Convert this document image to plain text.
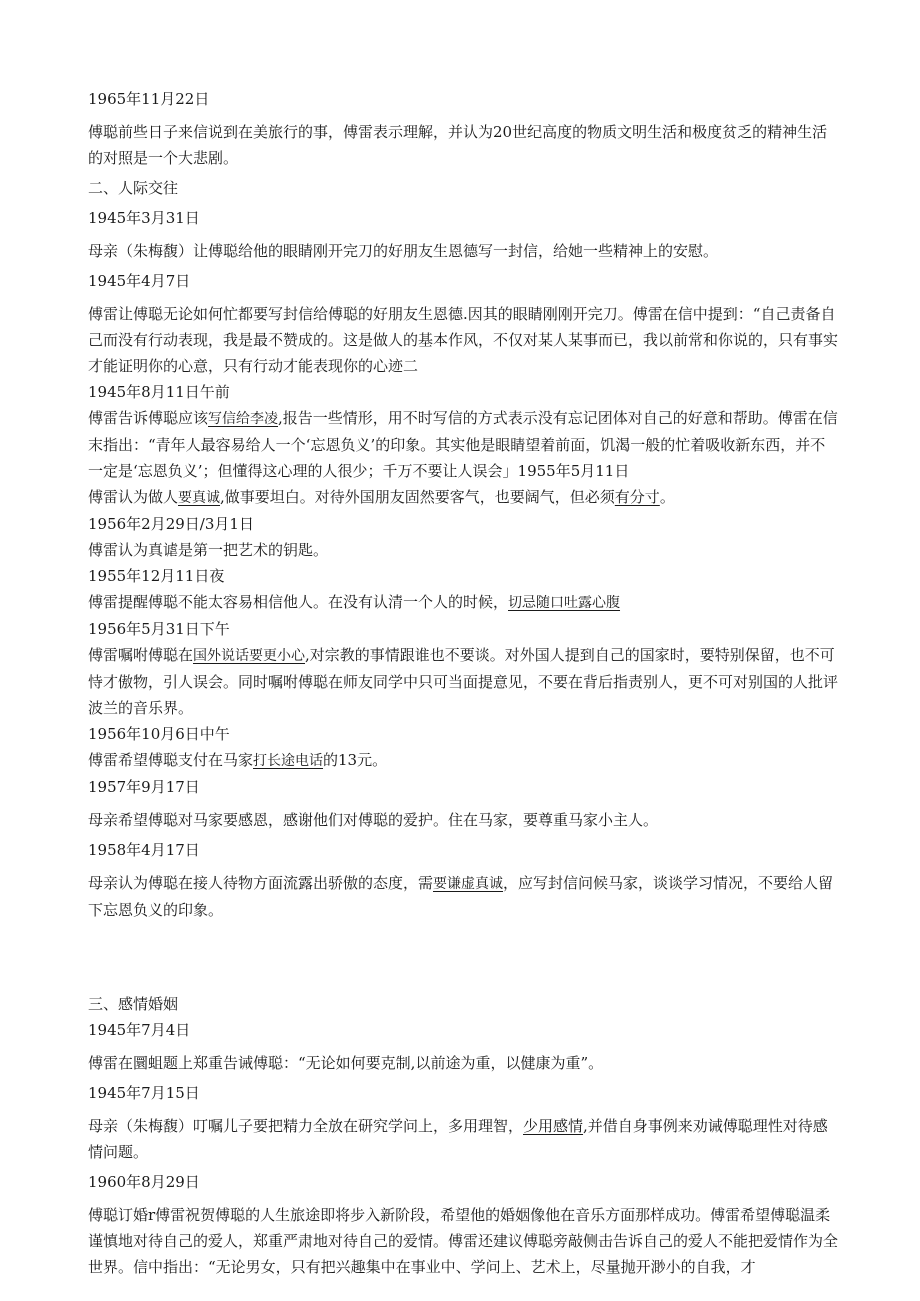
1965年11月22日

傅聪前些日子来信说到在美旅行的事，傅雷表示理解，并认为20世纪高度的物质文明生活和极度贫乏的精神生活的对照是一个大悲剧。

二、人际交往

1945年3月31日

母亲（朱梅馥）让傅聪给他的眼睛刚开完刀的好朋友生恩德写一封信，给她一些精神上的安慰。

1945年4月7日

傅雷让傅聪无论如何忙都要写封信给傅聪的好朋友生恩德.因其的眼睛刚刚开完刀。傅雷在信中提到：“自己责备自己而没有行动表现，我是最不赞成的。这是做人的基本作风，不仅对某人某事而已，我以前常和你说的，只有事实才能证明你的心意，只有行动才能表现你的心迹二

1945年8月11日午前

傅雷告诉傅聪应该写信给李凌,报告一些情形，用不时写信的方式表示没有忘记团体对自己的好意和帮助。傅雷在信末指出：“青年人最容易给人一个‘忘恩负义’的印象。其实他是眼睛望着前面，饥渴一般的忙着吸收新东西，并不一定是‘忘恩负义’；但懂得这心理的人很少；千万不要让人误会」1955年5月11日

傅雷认为做人要真诚,做事要坦白。对待外国朋友固然要客气，也要阔气，但必须有分寸。

1956年2月29日/3月1日

傅雷认为真谑是第一把艺术的钥匙。

1955年12月11日夜

傅雷提醒傅聪不能太容易相信他人。在没有认清一个人的时候，切忌随口吐露心腹

1956年5月31日下午

傅雷嘱咐傅聪在国外说话要更小心,对宗教的事情跟谁也不要谈。对外国人提到自己的国家时，要特别保留，也不可恃才傲物，引人误会。同时嘱咐傅聪在师友同学中只可当面提意见，不要在背后指责别人，更不可对别国的人批评波兰的音乐界。

1956年10月6日中午

傅雷希望傅聪支付在马家打长途电话的13元。

1957年9月17日

母亲希望傅聪对马家要感恩，感谢他们对傅聪的爱护。住在马家，要尊重马家小主人。

1958年4月17日

母亲认为傅聪在接人待物方面流露出骄傲的态度，需要谦虚真诚，应写封信问候马家，谈谈学习情况，不要给人留下忘恩负义的印象。

三、感情婚姻

1945年7月4日

傅雷在圜蛆题上郑重告诫傅聪：“无论如何要克制,以前途为重，以健康为重”。

1945年7月15日

母亲（朱梅馥）叮嘱儿子要把精力全放在研究学问上，多用理智，少用感情,并借自身事例来劝诫傅聪理性对待感情问题。

1960年8月29日

傅聪订婚r傅雷祝贺傅聪的人生旅途即将步入新阶段，希望他的婚姻像他在音乐方面那样成功。傅雷希望傅聪温柔谨慎地对待自己的爱人，郑重严肃地对待自己的爱情。傅雷还建议傅聪旁敲侧击告诉自己的爱人不能把爱情作为全世界。信中指出：“无论男女，只有把兴趣集中在事业中、学问上、艺术上，尽量抛开渺小的自我，才
